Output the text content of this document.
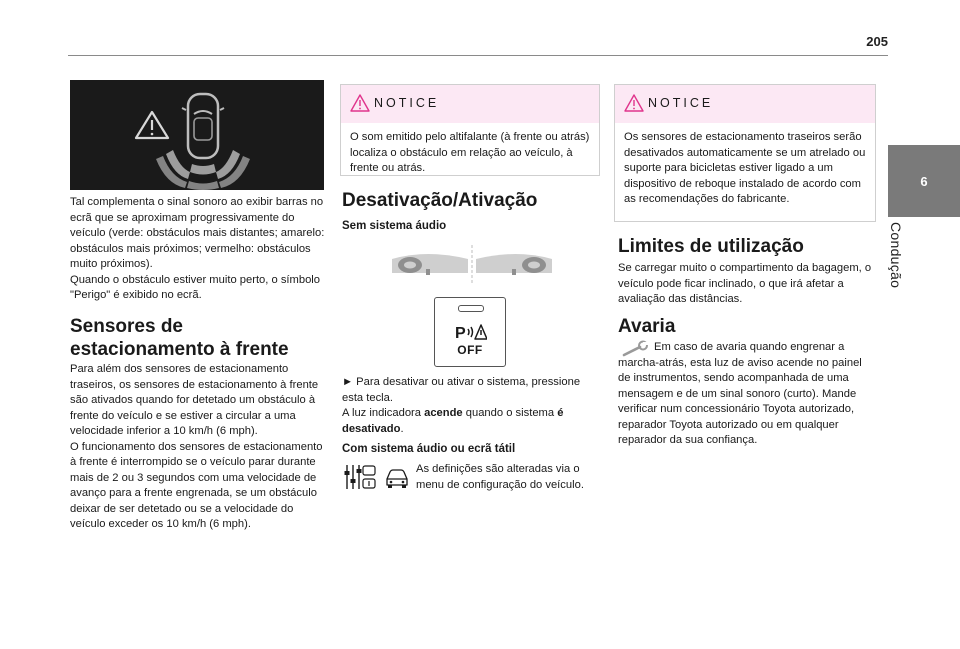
205
6
Condução

Tal complementa o sinal sonoro ao exibir barras no ecrã que se aproximam progressivamente do veículo (verde: obstáculos mais distantes; amarelo: obstáculos mais próximos; vermelho: obstáculos muito próximos).

Quando o obstáculo estiver muito perto, o símbolo "Perigo" é exibido no ecrã.

Sensores de estacionamento à frente

Para além dos sensores de estacionamento traseiros, os sensores de estacionamento à frente são ativados quando for detetado um obstáculo à frente do veículo e se estiver a circular a uma velocidade inferior a 10 km/h (6 mph).

O funcionamento dos sensores de estacionamento à frente é interrompido se o veículo parar durante mais de 2 ou 3 segundos com uma velocidade de avanço para a frente engrenada, se um obstáculo deixar de ser detetado ou se a velocidade do veículo exceder os 10 km/h (6 mph).

NOTICE
O som emitido pelo altifalante (à frente ou atrás) localiza o obstáculo em relação ao veículo, à frente ou atrás.
Desativação/Ativação
Sem sistema áudio
P
OFF

► Para desativar ou ativar o sistema, pressione esta tecla.

A luz indicadora acende quando o sistema é desativado.

Com sistema áudio ou ecrã tátil
As definições são alteradas via o menu de configuração do veículo.
NOTICE
Os sensores de estacionamento traseiros serão desativados automaticamente se um atrelado ou suporte para bicicletas estiver ligado a um dispositivo de reboque instalado de acordo com as recomendações do fabricante.
Limites de utilização
Se carregar muito o compartimento da bagagem, o veículo pode ficar inclinado, o que irá afetar a avaliação das distâncias.
Avaria
Em caso de avaria quando engrenar a marcha-atrás, esta luz de aviso acende no painel de instrumentos, sendo acompanhada de uma mensagem e de um sinal sonoro (curto). Mande verificar num concessionário Toyota autorizado, reparador Toyota autorizado ou em qualquer reparador da sua confiança.
